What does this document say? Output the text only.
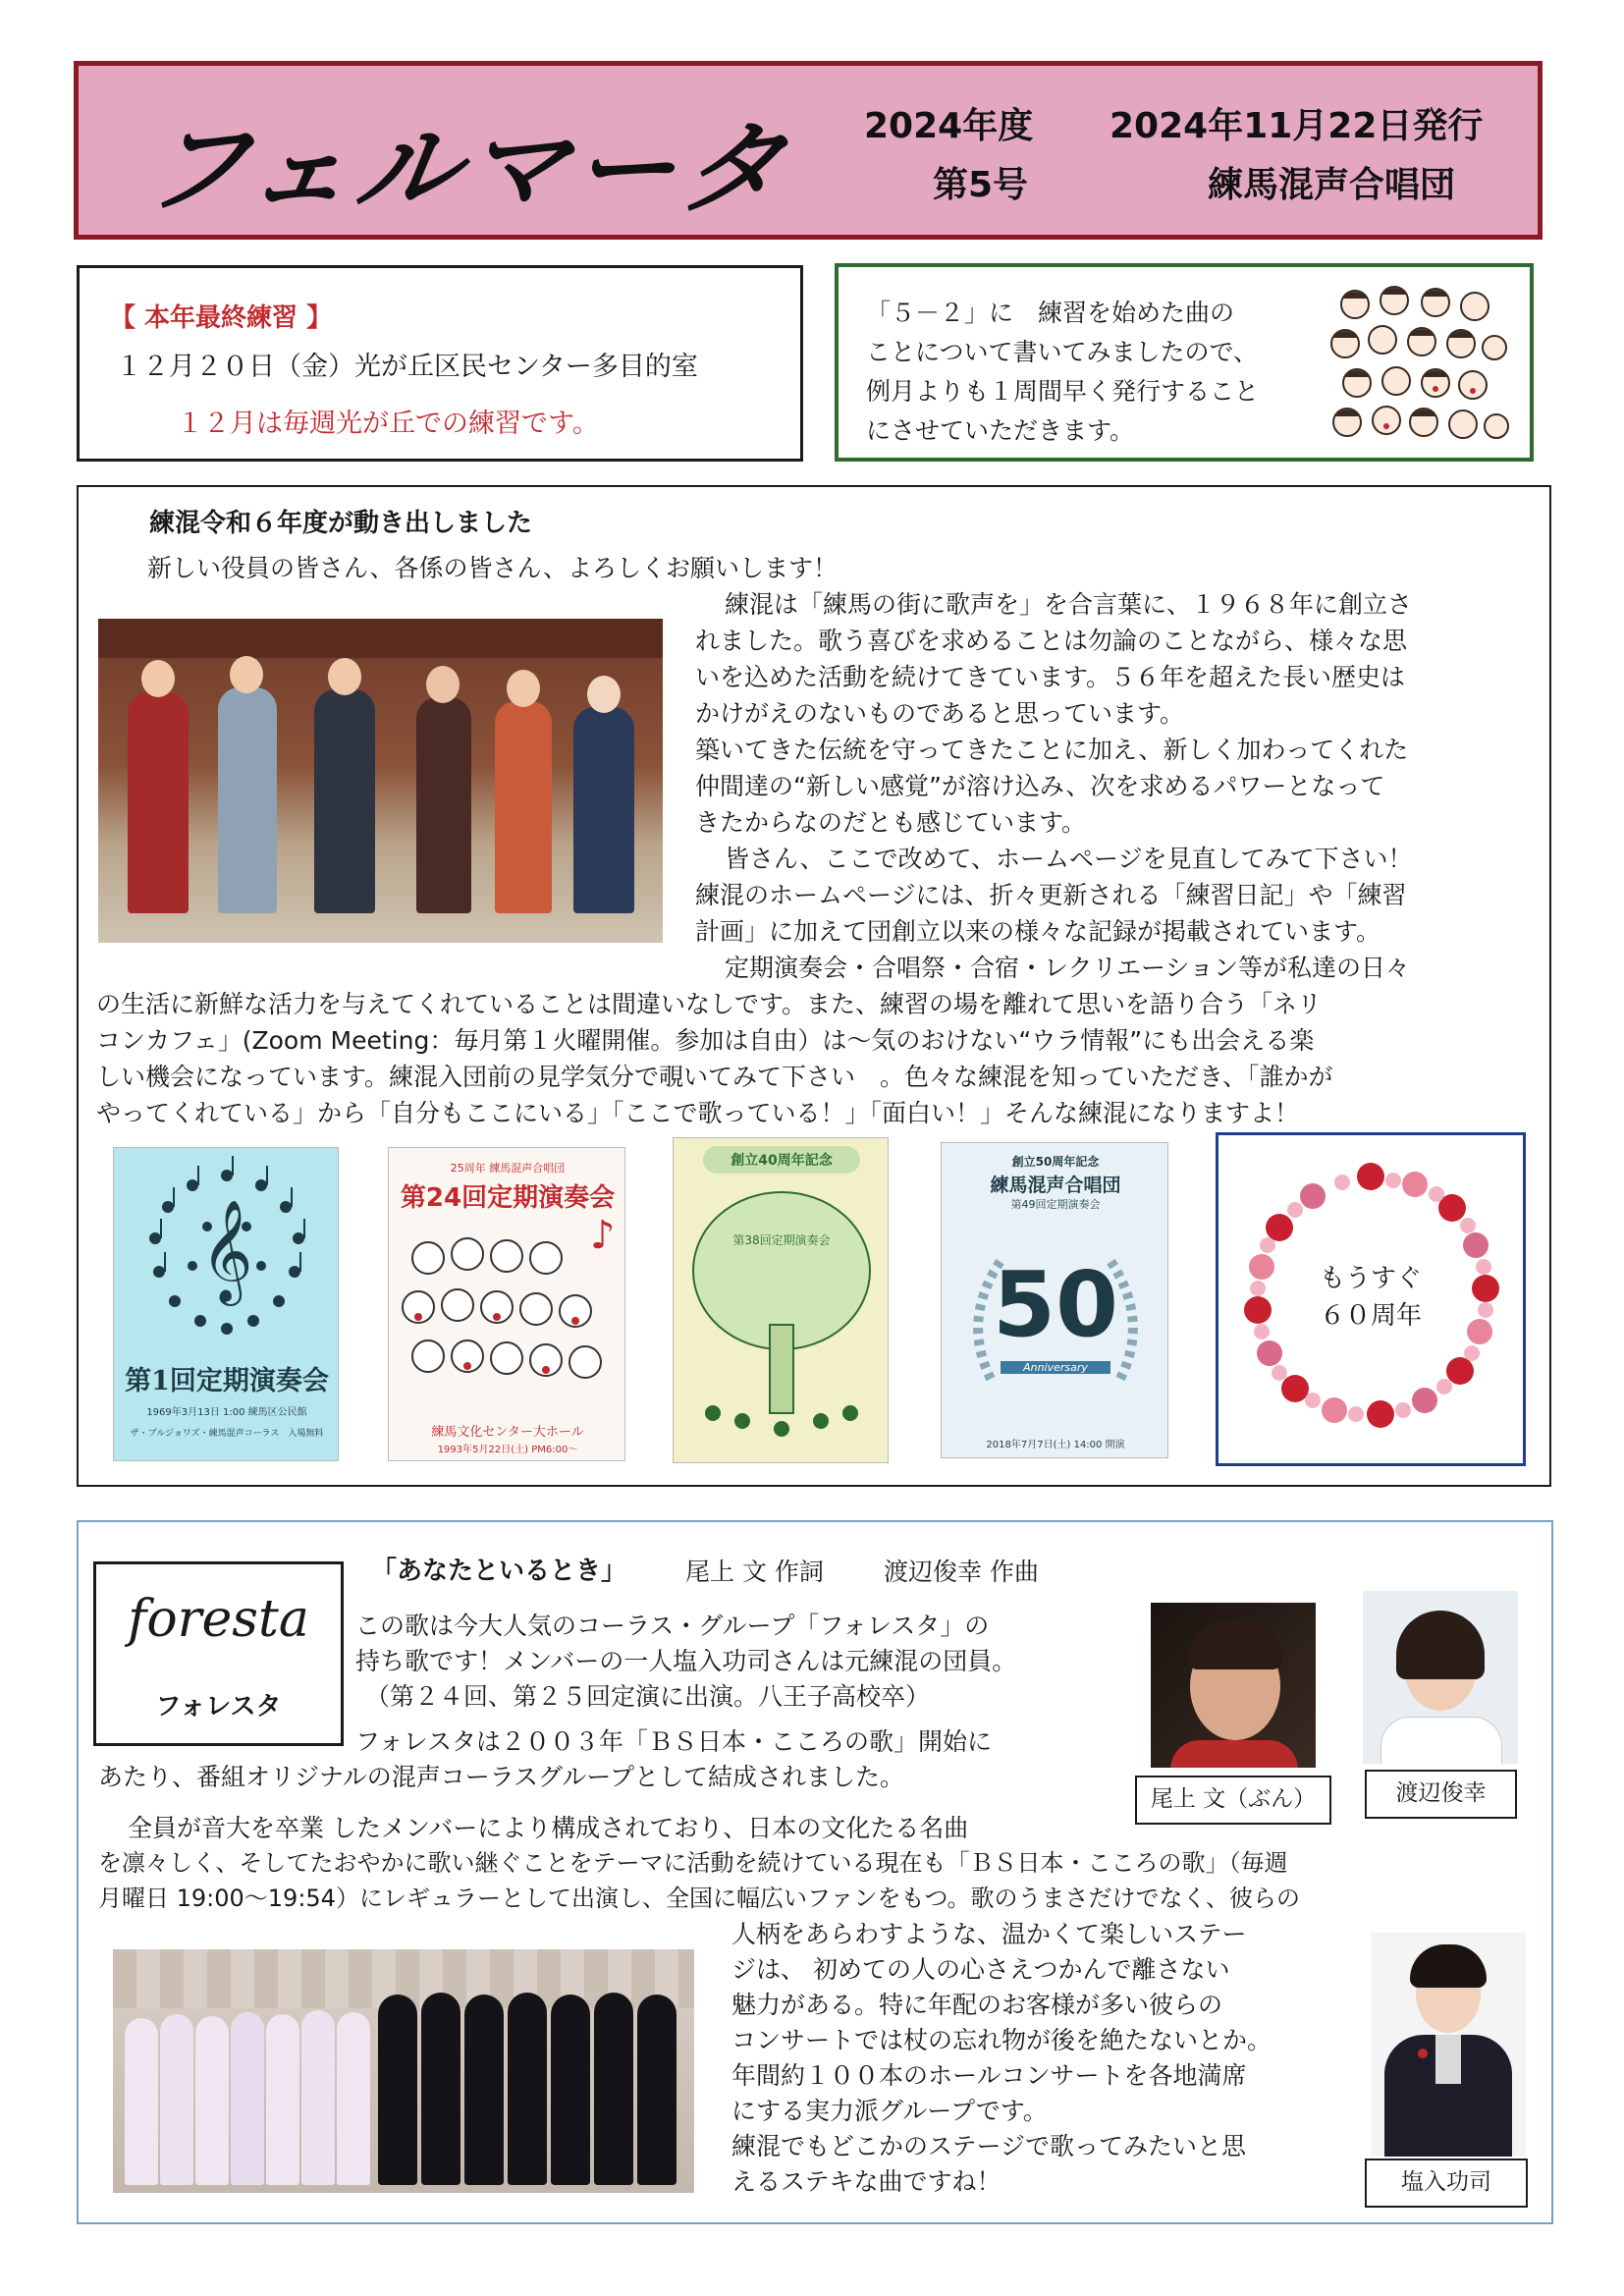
フェルマータ 2024年度
第5号
2024年11月22日発行
練馬混声合唱団
【 本年最終練習 】
１２月２０日（金）光が丘区民センター多目的室
１２月は毎週光が丘での練習です。
「５－２」に　練習を始めた曲の
ことについて書いてみましたので、
例月よりも１周間早く発行すること
にさせていただきます。
練混令和６年度が動き出しました
新しい役員の皆さん、各係の皆さん、よろしくお願いします！
練混は「練馬の街に歌声を」を合言葉に、１９６８年に創立さ
れました。歌う喜びを求めることは勿論のことながら、様々な思
いを込めた活動を続けてきています。５６年を超えた長い歴史は
かけがえのないものであると思っています。
築いてきた伝統を守ってきたことに加え、新しく加わってくれた
仲間達の“新しい感覚”が溶け込み、次を求めるパワーとなって
きたからなのだとも感じています。
皆さん、ここで改めて、ホームページを見直してみて下さい！
練混のホームページには、折々更新される「練習日記」や「練習
計画」に加えて団創立以来の様々な記録が掲載されています。
定期演奏会・合唱祭・合宿・レクリエーション等が私達の日々
の生活に新鮮な活力を与えてくれていることは間違いなしです。また、練習の場を離れて思いを語り合う「ネリ
コンカフェ」(Zoom Meeting：毎月第１火曜開催。参加は自由）は～気のおけない“ウラ情報”にも出会える楽
しい機会になっています。練混入団前の見学気分で覗いてみて下さい　。色々な練混を知っていただき、「誰かが
やってくれている」から「自分もここにいる」「ここで歌っている！」「面白い！」そんな練混になりますよ！
𝄞
第1回定期演奏会
1969年3月13日 1:00 練馬区公民館
ザ・ブルジョワズ・練馬混声コーラス　入場無料
25周年 練馬混声合唱団
第24回定期演奏会
♪
練馬文化センター大ホール
1993年5月22日(土) PM6:00〜
創立40周年記念
第38回定期演奏会
創立50周年記念
練馬混声合唱団
第49回定期演奏会
50
Anniversary
2018年7月7日(土) 14:00 開演
もうすぐ
６０周年
foresta
フォレスタ
「あなたといるとき」 尾上 文 作詞 渡辺俊幸 作曲
この歌は今大人気のコーラス・グループ「フォレスタ」の
持ち歌です！メンバーの一人塩入功司さんは元練混の団員。
（第２４回、第２５回定演に出演。八王子高校卒）
フォレスタは２００３年「ＢＳ日本・こころの歌」開始に
あたり、番組オリジナルの混声コーラスグループとして結成されました。
全員が音大を卒業 したメンバーにより構成されており、日本の文化たる名曲
を凛々しく、そしてたおやかに歌い継ぐことをテーマに活動を続けている現在も「ＢＳ日本・こころの歌」（毎週
月曜日 19:00〜19:54）にレギュラーとして出演し、全国に幅広いファンをもつ。歌のうまさだけでなく、彼らの
人柄をあらわすような、温かくて楽しいステー
ジは、 初めての人の心さえつかんで離さない
魅力がある。特に年配のお客様が多い彼らの
コンサートでは杖の忘れ物が後を絶たないとか。
年間約１００本のホールコンサートを各地満席
にする実力派グループです。
練混でもどこかのステージで歌ってみたいと思
えるステキな曲ですね！
尾上 文（ぶん）	渡辺俊幸
塩入功司
